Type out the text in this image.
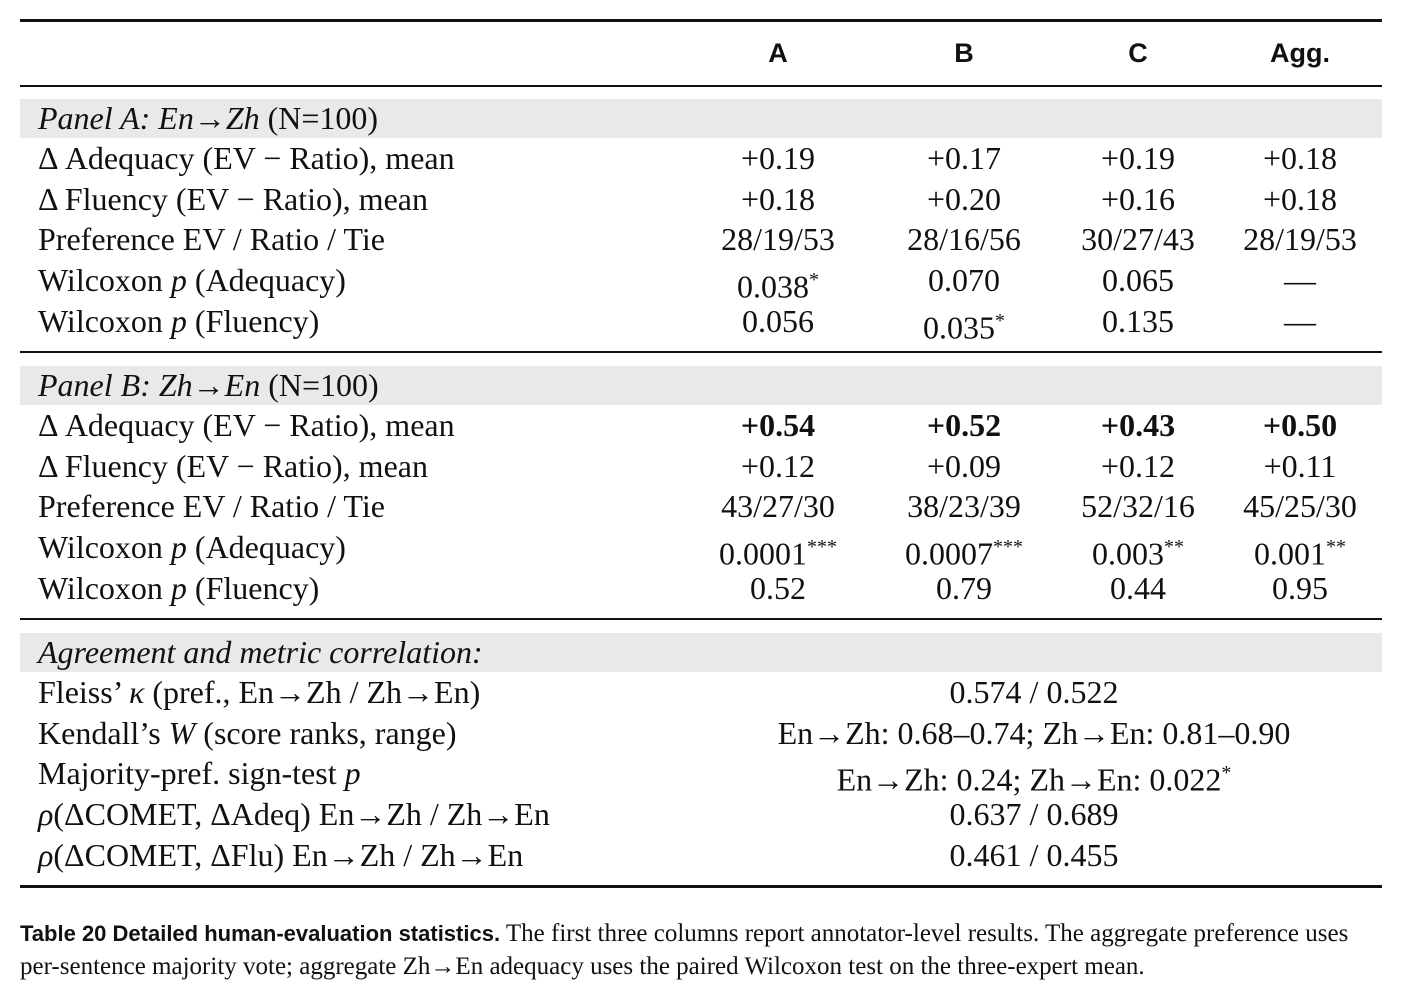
A	B	C	Agg.
Panel A: En→Zh (N=100)
Δ Adequacy (EV − Ratio), mean	+0.19	+0.17	+0.19	+0.18
Δ Fluency (EV − Ratio), mean	+0.18	+0.20	+0.16	+0.18
Preference EV / Ratio / Tie	28/19/53	28/16/56	30/27/43	28/19/53
Wilcoxon p (Adequacy)	0.038*	0.070	0.065	—
Wilcoxon p (Fluency)	0.056	0.035*	0.135	—
Panel B: Zh→En (N=100)
Δ Adequacy (EV − Ratio), mean	+0.54	+0.52	+0.43	+0.50
Δ Fluency (EV − Ratio), mean	+0.12	+0.09	+0.12	+0.11
Preference EV / Ratio / Tie	43/27/30	38/23/39	52/32/16	45/25/30
Wilcoxon p (Adequacy)	0.0001***	0.0007***	0.003**	0.001**
Wilcoxon p (Fluency)	0.52	0.79	0.44	0.95
Agreement and metric correlation:
Fleiss’ κ (pref., En→Zh / Zh→En)	0.574 / 0.522
Kendall’s W (score ranks, range)	En→Zh: 0.68–0.74; Zh→En: 0.81–0.90
Majority-pref. sign-test p	En→Zh: 0.24; Zh→En: 0.022*
ρ(ΔCOMET, ΔAdeq) En→Zh / Zh→En	0.637 / 0.689
ρ(ΔCOMET, ΔFlu) En→Zh / Zh→En	0.461 / 0.455
Table 20 Detailed human-evaluation statistics. The first three columns report annotator-level results. The aggregate preference uses per-sentence majority vote; aggregate Zh→En adequacy uses the paired Wilcoxon test on the three-expert mean.
